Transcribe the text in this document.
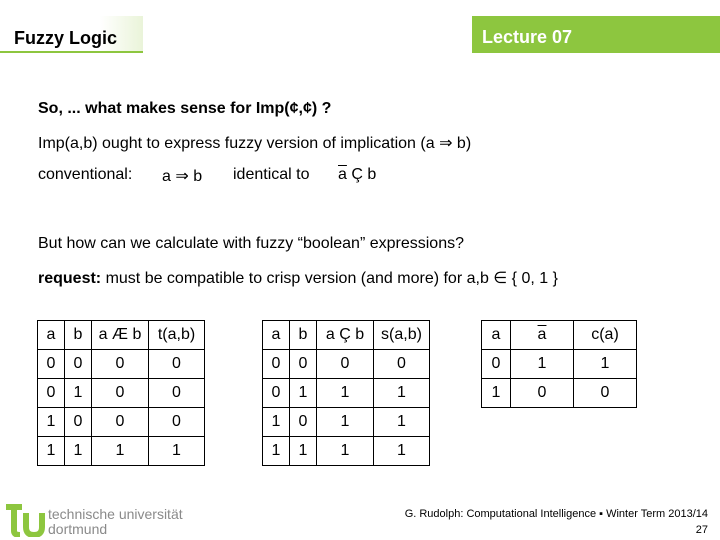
Fuzzy Logic	Lecture 07
So, ... what makes sense for Imp(¢,¢) ?
Imp(a,b) ought to express fuzzy version of implication (a ⇒ b)
conventional: a ⇒ b identical to $\overline{a}$ Ç b
But how can we calculate with fuzzy “boolean” expressions?
request: must be compatible to crisp version (and more) for a,b ∈ { 0, 1 }
a	b	a Æ b	t(a,b)
0	0	0	0
0	1	0	0
1	0	0	0
1	1	1	1
a	b	a Ç b	s(a,b)
0	0	0	0
0	1	1	1
1	0	1	1
1	1	1	1
a	$\overline{a}$	c(a)
0	1	1
1	0	0
technische universität
dortmund
G. Rudolph: Computational Intelligence ▪ Winter Term 2013/14
27
